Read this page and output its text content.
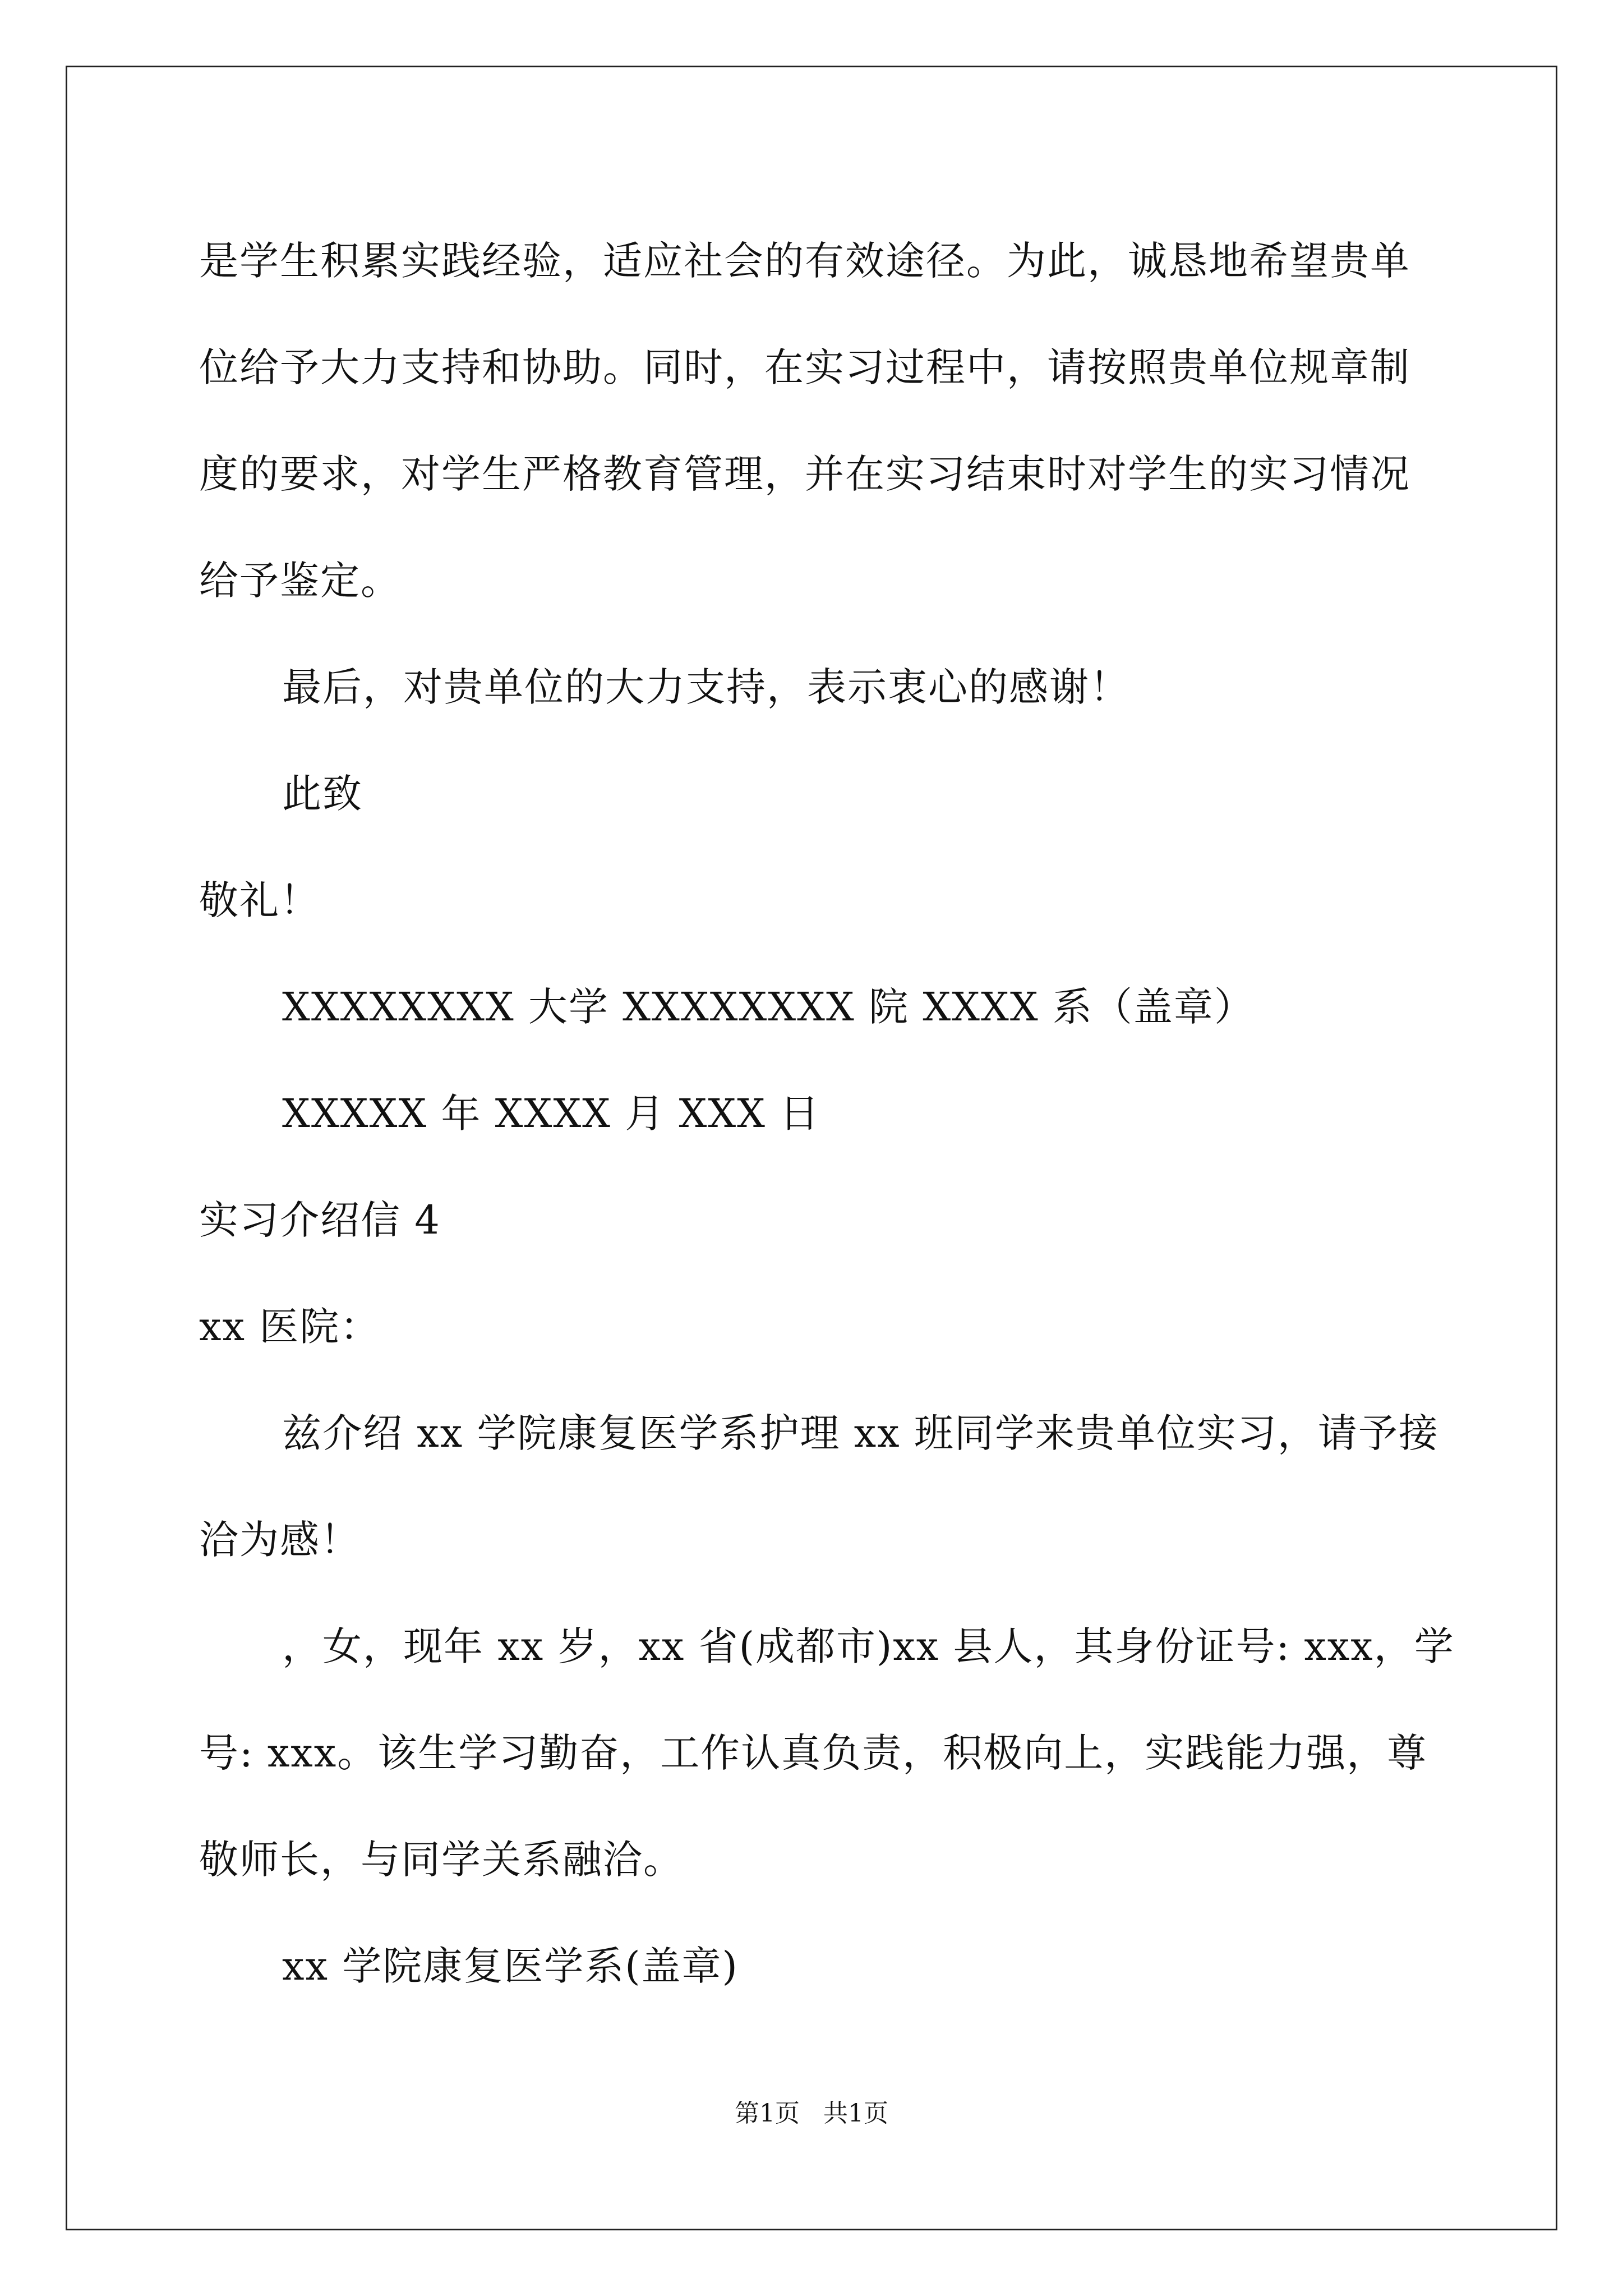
是学生积累实践经验，适应社会的有效途径。为此，诚恳地希望贵单
位给予大力支持和协助。同时，在实习过程中，请按照贵单位规章制
度的要求，对学生严格教育管理，并在实习结束时对学生的实习情况
给予鉴定。
最后，对贵单位的大力支持，表示衷心的感谢！
此致
敬礼！
XXXXXXXX 大学 XXXXXXXX 院 XXXX 系（盖章）
XXXXX 年 XXXX 月 XXX 日
实习介绍信 4
xx 医院：
兹介绍 xx 学院康复医学系护理 xx 班同学来贵单位实习，请予接
洽为感！
，女，现年 xx 岁，xx 省(成都市)xx 县人，其身份证号: xxx，学
号: xxx。该生学习勤奋，工作认真负责，积极向上，实践能力强，尊
敬师长，与同学关系融洽。
xx 学院康复医学系(盖章)
第1页 共1页
